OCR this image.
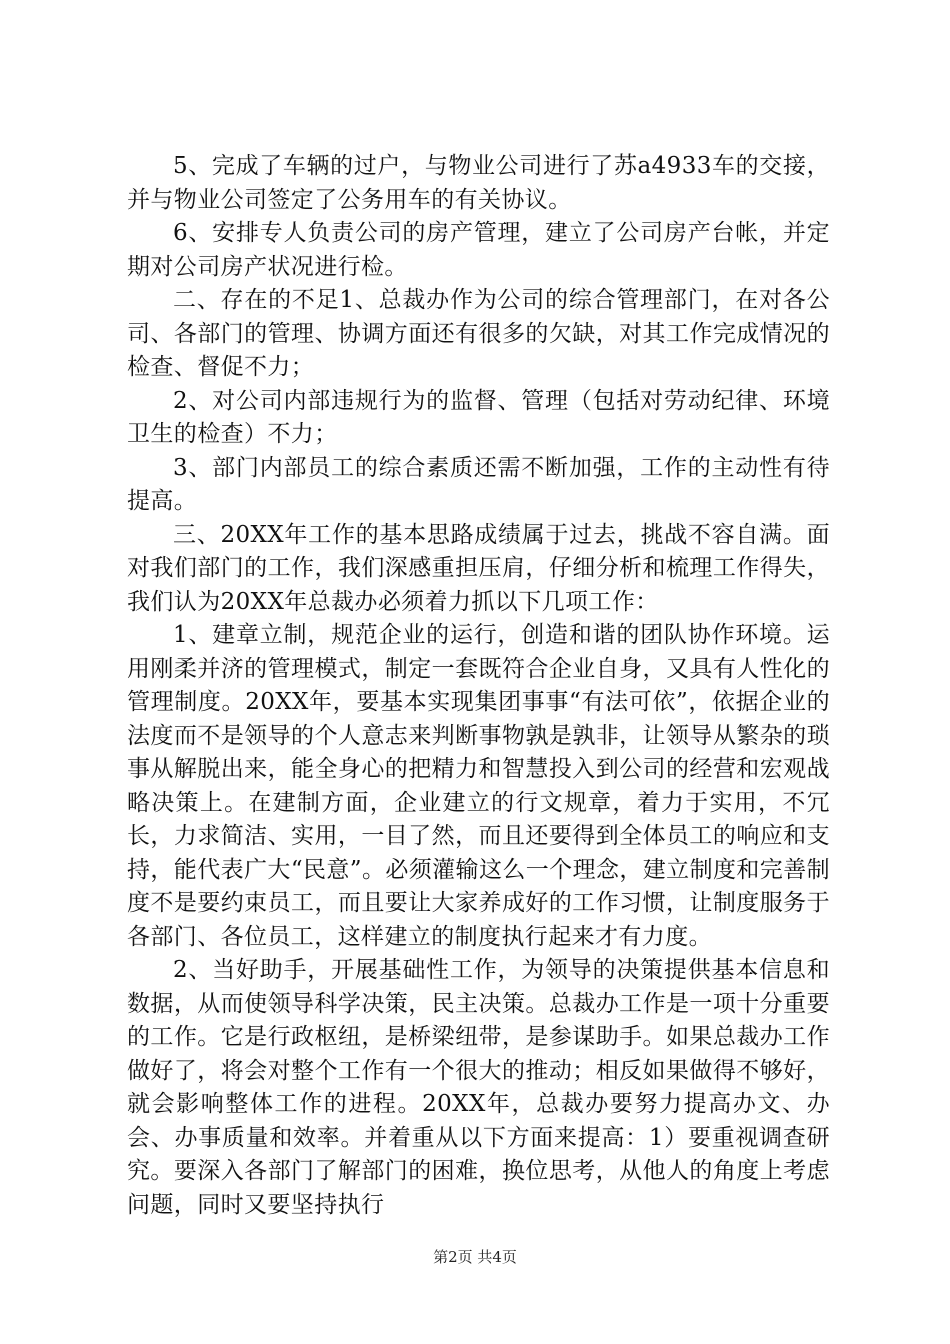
5、完成了车辆的过户，与物业公司进行了苏a4933车的交接，并与物业公司签定了公务用车的有关协议。

6、安排专人负责公司的房产管理，建立了公司房产台帐，并定期对公司房产状况进行检。

二、存在的不足1、总裁办作为公司的综合管理部门，在对各公司、各部门的管理、协调方面还有很多的欠缺，对其工作完成情况的检查、督促不力；

2、对公司内部违规行为的监督、管理（包括对劳动纪律、环境卫生的检查）不力；

3、部门内部员工的综合素质还需不断加强，工作的主动性有待提高。

三、20XX年工作的基本思路成绩属于过去，挑战不容自满。面对我们部门的工作，我们深感重担压肩，仔细分析和梳理工作得失，我们认为20XX年总裁办必须着力抓以下几项工作：

1、建章立制，规范企业的运行，创造和谐的团队协作环境。运用刚柔并济的管理模式，制定一套既符合企业自身，又具有人性化的管理制度。20XX年，要基本实现集团事事“有法可依”，依据企业的法度而不是领导的个人意志来判断事物孰是孰非，让领导从繁杂的琐事从解脱出来，能全身心的把精力和智慧投入到公司的经营和宏观战略决策上。在建制方面，企业建立的行文规章，着力于实用，不冗长，力求简洁、实用，一目了然，而且还要得到全体员工的响应和支持，能代表广大“民意”。必须灌输这么一个理念，建立制度和完善制度不是要约束员工，而且要让大家养成好的工作习惯，让制度服务于各部门、各位员工，这样建立的制度执行起来才有力度。

2、当好助手，开展基础性工作，为领导的决策提供基本信息和数据，从而使领导科学决策，民主决策。总裁办工作是一项十分重要的工作。它是行政枢纽，是桥梁纽带，是参谋助手。如果总裁办工作做好了，将会对整个工作有一个很大的推动；相反如果做得不够好，就会影响整体工作的进程。20XX年，总裁办要努力提高办文、办会、办事质量和效率。并着重从以下方面来提高：1）要重视调查研究。要深入各部门了解部门的困难，换位思考，从他人的角度上考虑问题，同时又要坚持执行

第2页 共4页
